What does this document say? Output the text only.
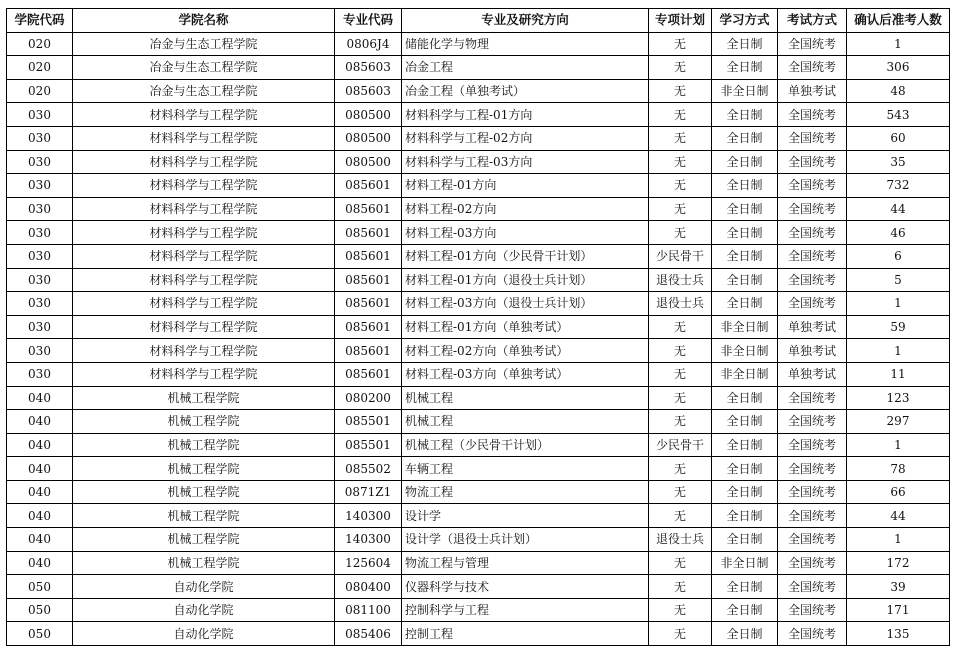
学院代码	学院名称	专业代码	专业及研究方向	专项计划	学习方式	考试方式	确认后准考人数
020	冶金与生态工程学院	0806J4	储能化学与物理	无	全日制	全国统考	1
020	冶金与生态工程学院	085603	冶金工程	无	全日制	全国统考	306
020	冶金与生态工程学院	085603	冶金工程（单独考试）	无	非全日制	单独考试	48
030	材料科学与工程学院	080500	材料科学与工程-01方向	无	全日制	全国统考	543
030	材料科学与工程学院	080500	材料科学与工程-02方向	无	全日制	全国统考	60
030	材料科学与工程学院	080500	材料科学与工程-03方向	无	全日制	全国统考	35
030	材料科学与工程学院	085601	材料工程-01方向	无	全日制	全国统考	732
030	材料科学与工程学院	085601	材料工程-02方向	无	全日制	全国统考	44
030	材料科学与工程学院	085601	材料工程-03方向	无	全日制	全国统考	46
030	材料科学与工程学院	085601	材料工程-01方向（少民骨干计划）	少民骨干	全日制	全国统考	6
030	材料科学与工程学院	085601	材料工程-01方向（退役士兵计划）	退役士兵	全日制	全国统考	5
030	材料科学与工程学院	085601	材料工程-03方向（退役士兵计划）	退役士兵	全日制	全国统考	1
030	材料科学与工程学院	085601	材料工程-01方向（单独考试）	无	非全日制	单独考试	59
030	材料科学与工程学院	085601	材料工程-02方向（单独考试）	无	非全日制	单独考试	1
030	材料科学与工程学院	085601	材料工程-03方向（单独考试）	无	非全日制	单独考试	11
040	机械工程学院	080200	机械工程	无	全日制	全国统考	123
040	机械工程学院	085501	机械工程	无	全日制	全国统考	297
040	机械工程学院	085501	机械工程（少民骨干计划）	少民骨干	全日制	全国统考	1
040	机械工程学院	085502	车辆工程	无	全日制	全国统考	78
040	机械工程学院	0871Z1	物流工程	无	全日制	全国统考	66
040	机械工程学院	140300	设计学	无	全日制	全国统考	44
040	机械工程学院	140300	设计学（退役士兵计划）	退役士兵	全日制	全国统考	1
040	机械工程学院	125604	物流工程与管理	无	非全日制	全国统考	172
050	自动化学院	080400	仪器科学与技术	无	全日制	全国统考	39
050	自动化学院	081100	控制科学与工程	无	全日制	全国统考	171
050	自动化学院	085406	控制工程	无	全日制	全国统考	135
